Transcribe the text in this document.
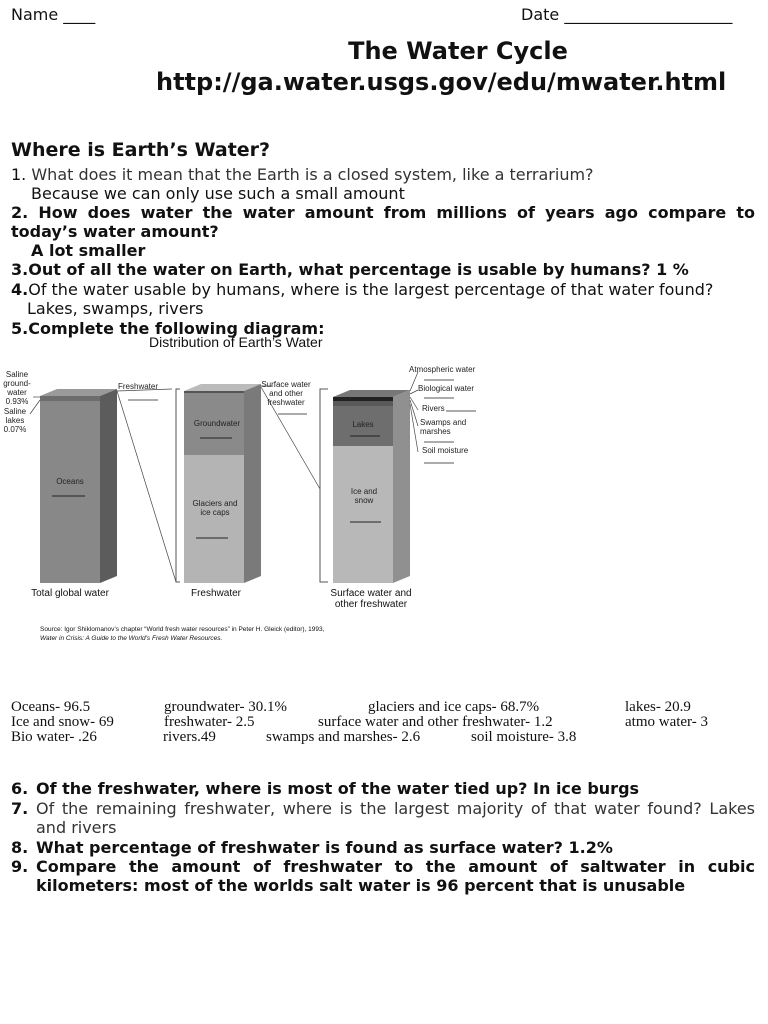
Name ____	Date _____________________
The Water Cycle
http://ga.water.usgs.gov/edu/mwater.html
Where is Earth’s Water?
1. What does it mean that the Earth is a closed system, like a terrarium?
Because we can only use such a small amount
2. How does water the water amount from millions of years ago compare to today’s water amount?
A lot smaller
3.Out of all the water on Earth, what percentage is usable by humans? 1 %
4.Of the water usable by humans, where is the largest percentage of that water found?
Lakes, swamps, rivers
5.Complete the following diagram:
Distribution of Earth’s Water
Saline ground- water 0.93%
Saline lakes 0.07%
Freshwater
Oceans
Total global water
Groundwater
Glaciers and ice caps
Freshwater
Surface water and other freshwater
Lakes
Ice and snow
Surface water and other freshwater
Atmospheric water
Biological water
Rivers
Swamps and marshes
Soil moisture
Source: Igor Shiklomanov’s chapter “World fresh water resources” in Peter H. Gleick (editor), 1993,
Water in Crisis: A Guide to the World’s Fresh Water Resources.
Oceans- 96.5	groundwater- 30.1%	glaciers and ice caps- 68.7%	lakes- 20.9
Ice and snow- 69	freshwater- 2.5	surface water and other freshwater- 1.2	atmo water- 3
Bio water- .26	rivers.49	swamps and marshes- 2.6	soil moisture- 3.8
6. Of the freshwater, where is most of the water tied up? In ice burgs
7. Of the remaining freshwater, where is the largest majority of that water found? Lakes and rivers
8. What percentage of freshwater is found as surface water? 1.2%
9. Compare the amount of freshwater to the amount of saltwater in cubic kilometers: most of the worlds salt water is 96 percent that is unusable
